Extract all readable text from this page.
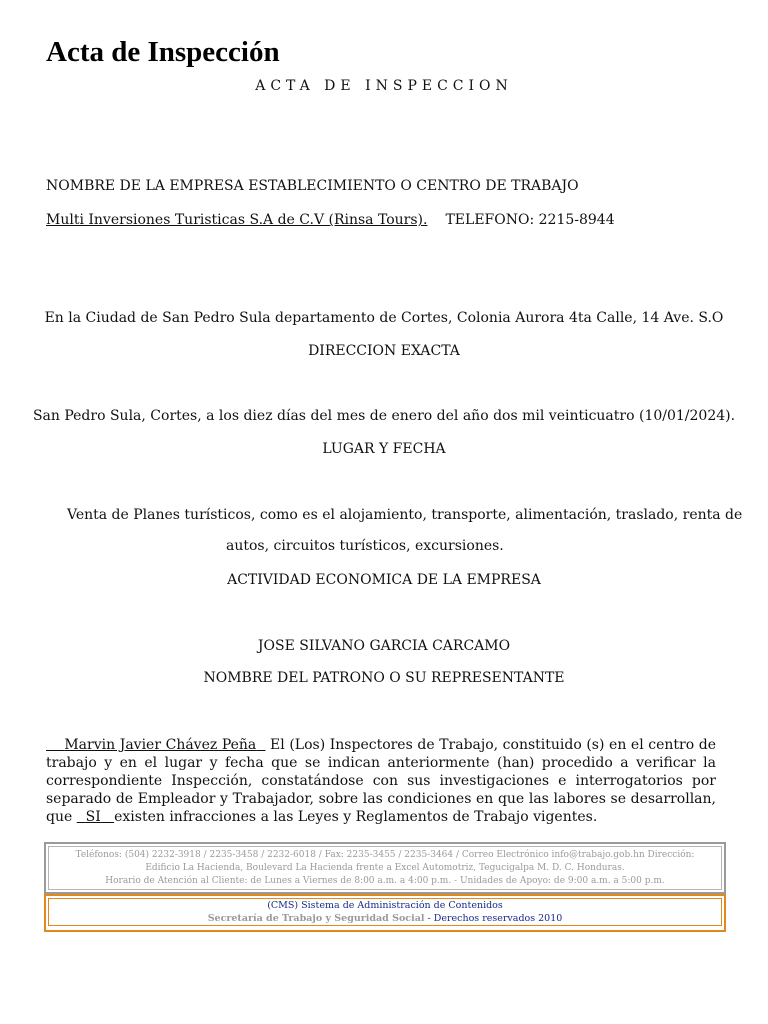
Acta de Inspección
ACTA DE INSPECCION
NOMBRE DE LA EMPRESA ESTABLECIMIENTO O CENTRO DE TRABAJO
Multi Inversiones Turisticas S.A de C.V (Rinsa Tours). TELEFONO: 2215-8944
En la Ciudad de San Pedro Sula departamento de Cortes, Colonia Aurora 4ta Calle, 14 Ave. S.O
DIRECCION EXACTA
San Pedro Sula, Cortes, a los diez días del mes de enero del año dos mil veinticuatro (10/01/2024).
LUGAR Y FECHA
Venta de Planes turísticos, como es el alojamiento, transporte, alimentación, traslado, renta de
autos, circuitos turísticos, excursiones.
ACTIVIDAD ECONOMICA DE LA EMPRESA
JOSE SILVANO GARCIA CARCAMO
NOMBRE DEL PATRONO O SU REPRESENTANTE

Marvin Javier Chávez Peña El (Los) Inspectores de Trabajo, constituido (s) en el centro de trabajo y en el lugar y fecha que se indican anteriormente (han) procedido a verificar la correspondiente Inspección, constatándose con sus investigaciones e interrogatorios por separado de Empleador y Trabajador, sobre las condiciones en que las labores se desarrollan, que SI existen infracciones a las Leyes y Reglamentos de Trabajo vigentes.

Teléfonos: (504) 2232-3918 / 2235-3458 / 2232-6018 / Fax: 2235-3455 / 2235-3464 / Correo Electrónico info@trabajo.gob.hn Dirección:
Edificio La Hacienda, Boulevard La Hacienda frente a Excel Automotriz, Tegucigalpa M. D. C. Honduras.
Horario de Atención al Cliente: de Lunes a Viernes de 8:00 a.m. a 4:00 p.m. - Unidades de Apoyo: de 9:00 a.m. a 5:00 p.m.
(CMS) Sistema de Administración de Contenidos
Secretaría de Trabajo y Seguridad Social - Derechos reservados 2010
